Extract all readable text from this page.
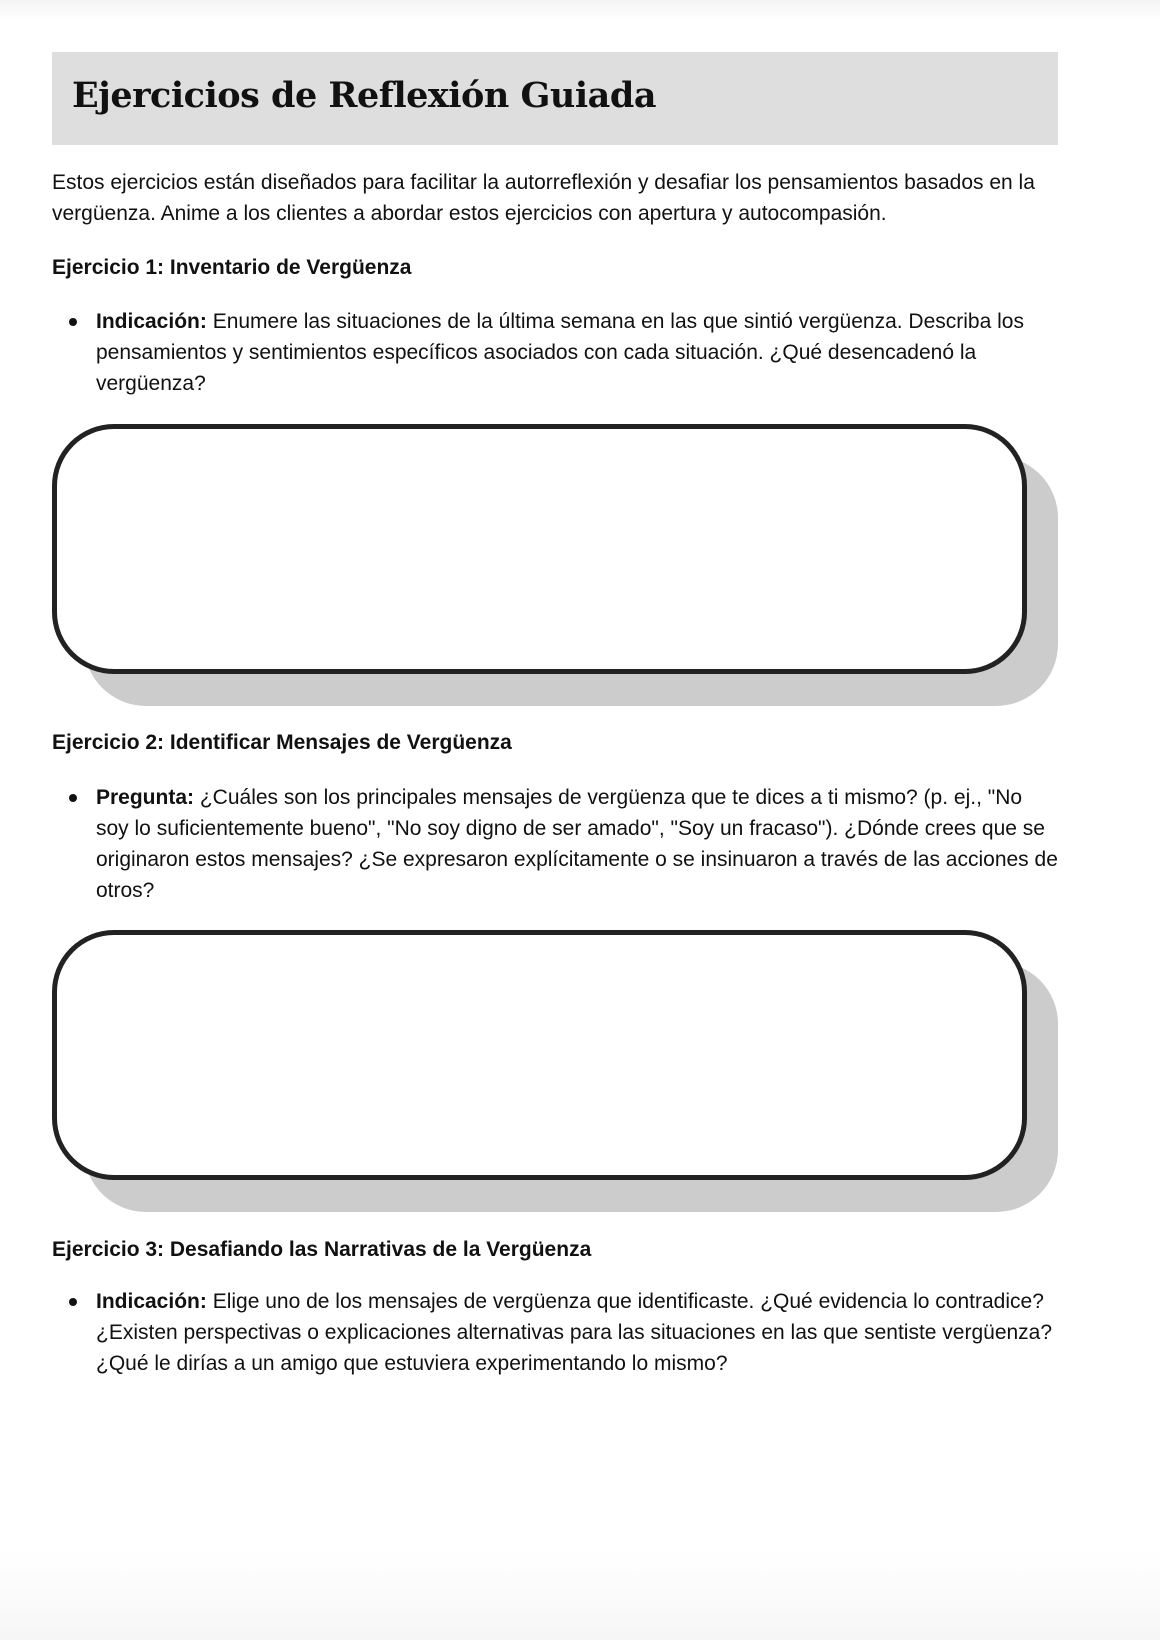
Ejercicios de Reflexión Guiada

Estos ejercicios están diseñados para facilitar la autorreflexión y desafiar los pensamientos basados en la vergüenza. Anime a los clientes a abordar estos ejercicios con apertura y autocompasión.

Ejercicio 1: Inventario de Vergüenza

Indicación: Enumere las situaciones de la última semana en las que sintió vergüenza. Describa los pensamientos y sentimientos específicos asociados con cada situación. ¿Qué desencadenó la vergüenza?

Ejercicio 2: Identificar Mensajes de Vergüenza

Pregunta: ¿Cuáles son los principales mensajes de vergüenza que te dices a ti mismo? (p. ej., "No soy lo suficientemente bueno", "No soy digno de ser amado", "Soy un fracaso"). ¿Dónde crees que se originaron estos mensajes? ¿Se expresaron explícitamente o se insinuaron a través de las acciones de otros?

Ejercicio 3: Desafiando las Narrativas de la Vergüenza

Indicación: Elige uno de los mensajes de vergüenza que identificaste. ¿Qué evidencia lo contradice? ¿Existen perspectivas o explicaciones alternativas para las situaciones en las que sentiste vergüenza? ¿Qué le dirías a un amigo que estuviera experimentando lo mismo?
